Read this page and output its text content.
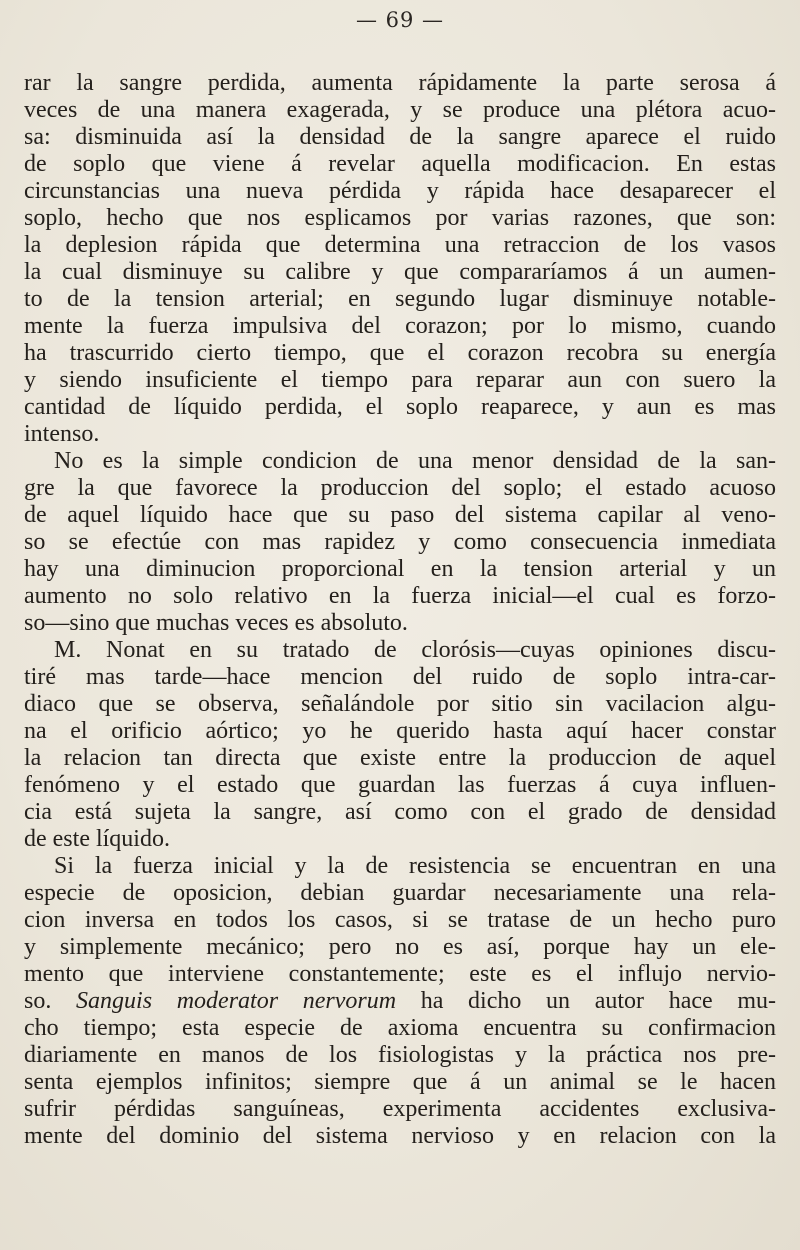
— 69 —
rar la sangre perdida, aumenta rápidamente la parte serosa á
veces de una manera exagerada, y se produce una plétora acuo-
sa: disminuida así la densidad de la sangre aparece el ruido
de soplo que viene á revelar aquella modificacion. En estas
circunstancias una nueva pérdida y rápida hace desaparecer el
soplo, hecho que nos esplicamos por varias razones, que son:
la deplesion rápida que determina una retraccion de los vasos
la cual disminuye su calibre y que compararíamos á un aumen-
to de la tension arterial; en segundo lugar disminuye notable-
mente la fuerza impulsiva del corazon; por lo mismo, cuando
ha trascurrido cierto tiempo, que el corazon recobra su energía
y siendo insuficiente el tiempo para reparar aun con suero la
cantidad de líquido perdida, el soplo reaparece, y aun es mas
intenso.
No es la simple condicion de una menor densidad de la san-
gre la que favorece la produccion del soplo; el estado acuoso
de aquel líquido hace que su paso del sistema capilar al veno-
so se efectúe con mas rapidez y como consecuencia inmediata
hay una diminucion proporcional en la tension arterial y un
aumento no solo relativo en la fuerza inicial—el cual es forzo-
so—sino que muchas veces es absoluto.
M. Nonat en su tratado de clorósis—cuyas opiniones discu-
tiré mas tarde—hace mencion del ruido de soplo intra-car-
diaco que se observa, señalándole por sitio sin vacilacion algu-
na el orificio aórtico; yo he querido hasta aquí hacer constar
la relacion tan directa que existe entre la produccion de aquel
fenómeno y el estado que guardan las fuerzas á cuya influen-
cia está sujeta la sangre, así como con el grado de densidad
de este líquido.
Si la fuerza inicial y la de resistencia se encuentran en una
especie de oposicion, debian guardar necesariamente una rela-
cion inversa en todos los casos, si se tratase de un hecho puro
y simplemente mecánico; pero no es así, porque hay un ele-
mento que interviene constantemente; este es el influjo nervio-
so. Sanguis moderator nervorum ha dicho un autor hace mu-
cho tiempo; esta especie de axioma encuentra su confirmacion
diariamente en manos de los fisiologistas y la práctica nos pre-
senta ejemplos infinitos; siempre que á un animal se le hacen
sufrir pérdidas sanguíneas, experimenta accidentes exclusiva-
mente del dominio del sistema nervioso y en relacion con la
